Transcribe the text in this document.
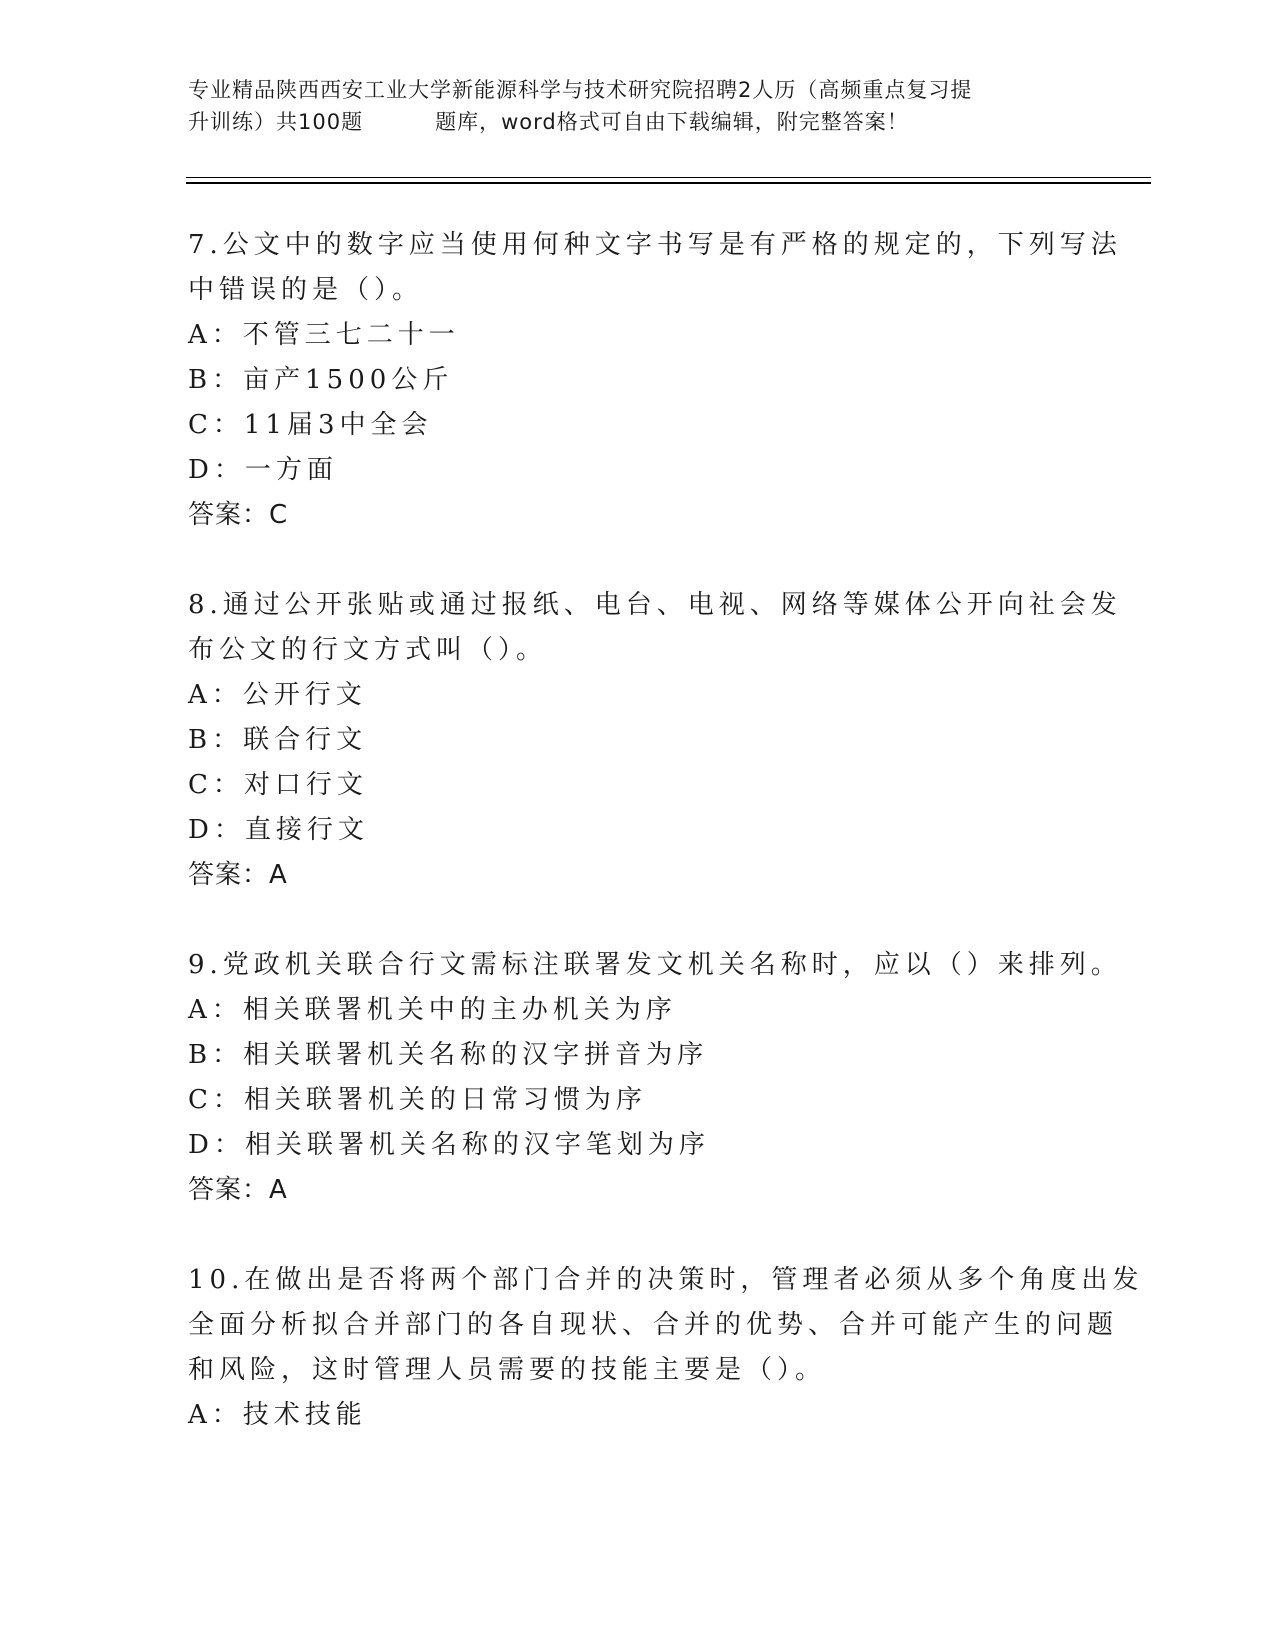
专业精品陕西西安工业大学新能源科学与技术研究院招聘2人历（高频重点复习提
升训练）共100题	题库，word格式可自由下载编辑，附完整答案！
7.公文中的数字应当使用何种文字书写是有严格的规定的，下列写法
中错误的是（）。
A：不管三七二十一
B：亩产1500公斤
C：11届3中全会
D：一方面
答案：C
8.通过公开张贴或通过报纸、电台、电视、网络等媒体公开向社会发
布公文的行文方式叫（）。
A：公开行文
B：联合行文
C：对口行文
D：直接行文
答案：A
9.党政机关联合行文需标注联署发文机关名称时，应以（）来排列。
A：相关联署机关中的主办机关为序
B：相关联署机关名称的汉字拼音为序
C：相关联署机关的日常习惯为序
D：相关联署机关名称的汉字笔划为序
答案：A
10.在做出是否将两个部门合并的决策时，管理者必须从多个角度出发
全面分析拟合并部门的各自现状、合并的优势、合并可能产生的问题
和风险，这时管理人员需要的技能主要是（）。
A：技术技能
